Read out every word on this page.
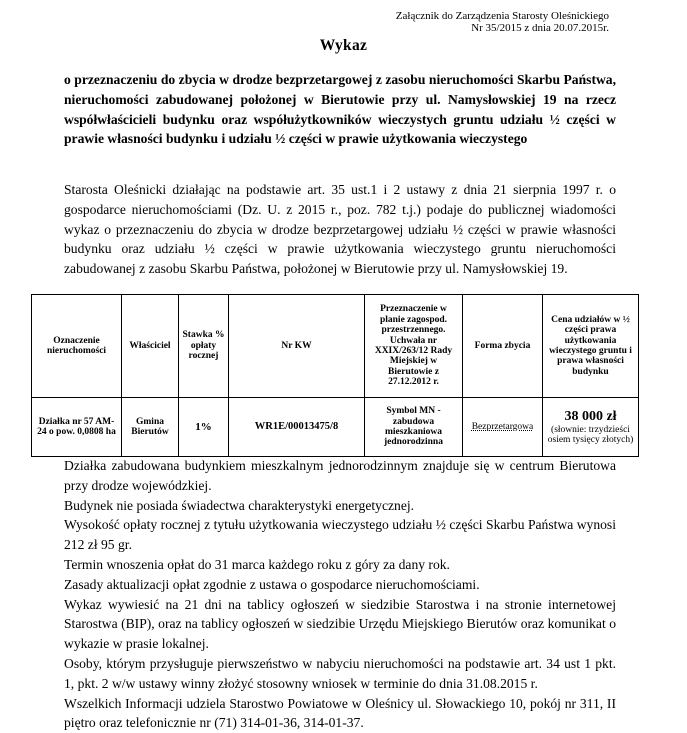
Załącznik do Zarządzenia Starosty Oleśnickiego
Nr 35/2015 z dnia 20.07.2015r.
Wykaz
o przeznaczeniu do zbycia w drodze bezprzetargowej z zasobu nieruchomości Skarbu Państwa, nieruchomości zabudowanej położonej w Bierutowie przy ul. Namysłowskiej 19 na rzecz współwłaścicieli budynku oraz współużytkowników wieczystych gruntu udziału ½ części w prawie własności budynku i udziału ½ części w prawie użytkowania wieczystego
Starosta Oleśnicki działając na podstawie art. 35 ust.1 i 2 ustawy z dnia 21 sierpnia 1997 r. o gospodarce nieruchomościami (Dz. U. z 2015 r., poz. 782 t.j.) podaje do publicznej wiadomości wykaz o przeznaczeniu do zbycia w drodze bezprzetargowej udziału ½ części w prawie własności budynku oraz udziału ½ części w prawie użytkowania wieczystego gruntu nieruchomości zabudowanej z zasobu Skarbu Państwa, położonej w Bierutowie przy ul. Namysłowskiej 19.
Oznaczenie nieruchomości	Właściciel	Stawka % opłaty rocznej	Nr KW	Przeznaczenie w planie zagospod. przestrzennego. Uchwała nr XXIX/263/12 Rady Miejskiej w Bierutowie z 27.12.2012 r.	Forma zbycia	Cena udziałów w ½ części prawa użytkowania wieczystego gruntu i prawa własności budynku
Działka nr 57 AM-24 o pow. 0,0808 ha	Gmina Bierutów	1%	WR1E/00013475/8	Symbol MN - zabudowa mieszkaniowa jednorodzinna	Bezprzetargowa	38 000 zł
(słownie: trzydzieści osiem tysięcy złotych)

Działka zabudowana budynkiem mieszkalnym jednorodzinnym znajduje się w centrum Bierutowa przy drodze wojewódzkiej.

Budynek nie posiada świadectwa charakterystyki energetycznej.

Wysokość opłaty rocznej z tytułu użytkowania wieczystego udziału ½ części Skarbu Państwa wynosi 212 zł 95 gr.

Termin wnoszenia opłat do 31 marca każdego roku z góry za dany rok.

Zasady aktualizacji opłat zgodnie z ustawa o gospodarce nieruchomościami.

Wykaz wywiesić na 21 dni na tablicy ogłoszeń w siedzibie Starostwa i na stronie internetowej Starostwa (BIP), oraz na tablicy ogłoszeń w siedzibie Urzędu Miejskiego Bierutów oraz komunikat o wykazie w prasie lokalnej.

Osoby, którym przysługuje pierwszeństwo w nabyciu nieruchomości na podstawie art. 34 ust 1 pkt. 1, pkt. 2 w/w ustawy winny złożyć stosowny wniosek w terminie do dnia 31.08.2015 r.

Wszelkich Informacji udziela Starostwo Powiatowe w Oleśnicy ul. Słowackiego 10, pokój nr 311, II piętro oraz telefonicznie nr (71) 314-01-36, 314-01-37.
